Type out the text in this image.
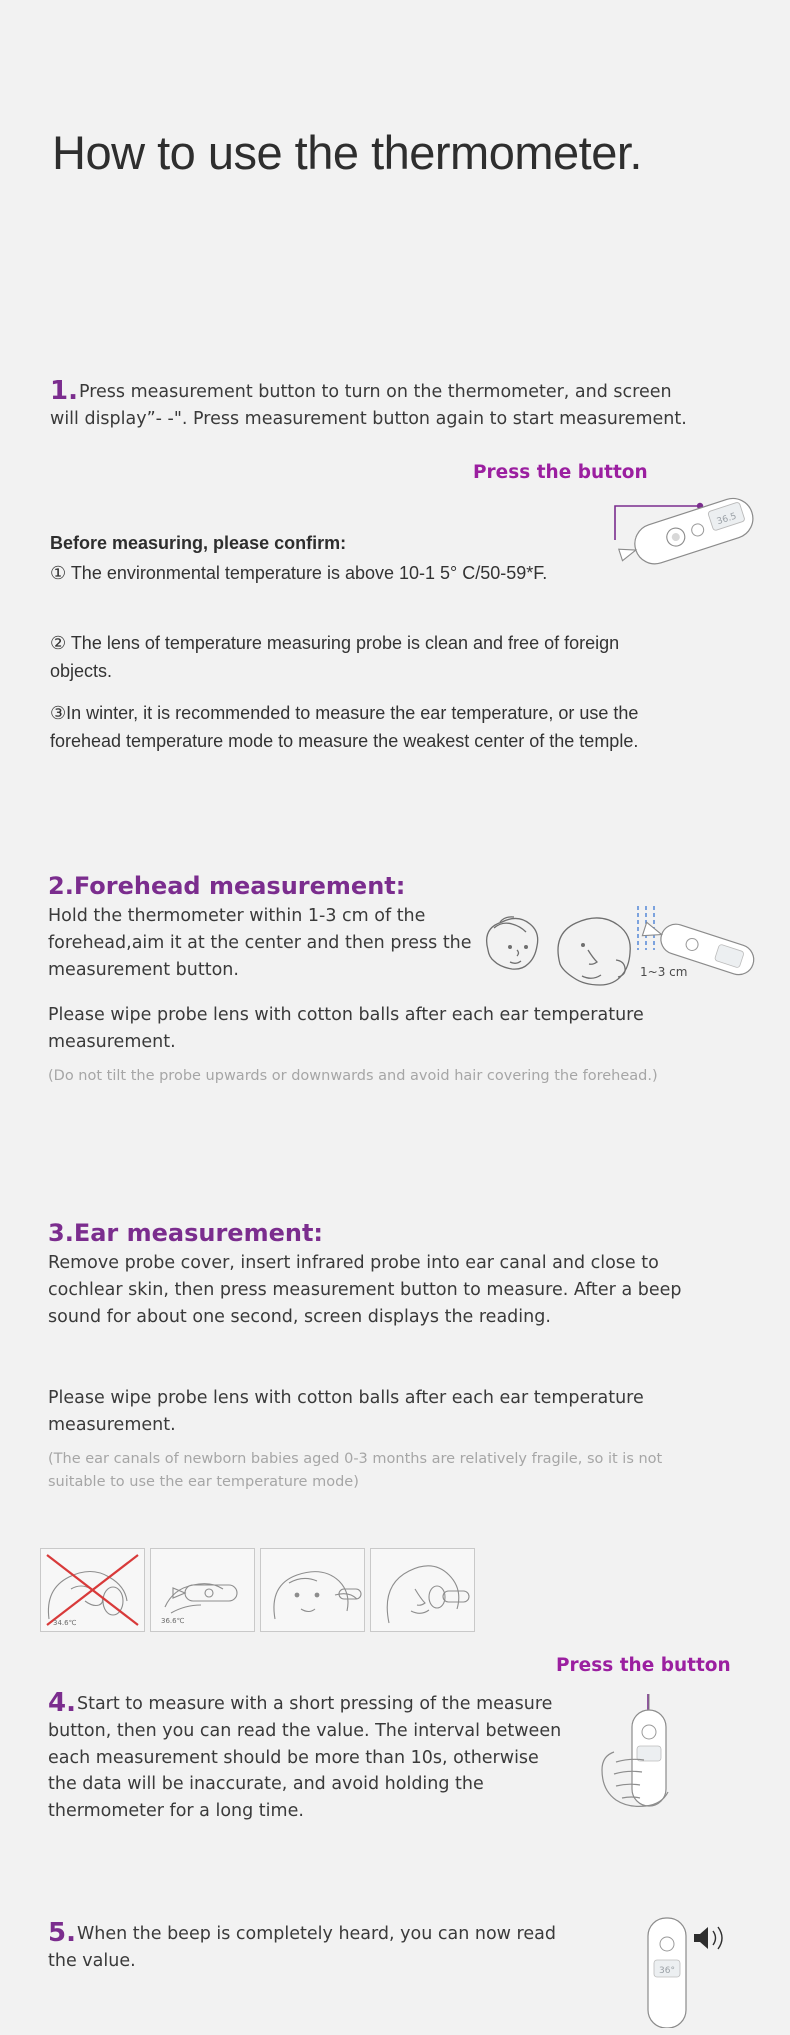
How to use the thermometer.
1.Press measurement button to turn on the thermometer, and screen will display”- -". Press measurement button again to start measurement.
Press the button
36.5
Before measuring, please confirm:
① The environmental temperature is above 10-1 5° C/50-59*F.
② The lens of temperature measuring probe is clean and free of foreign objects.
③In winter, it is recommended to measure the ear temperature, or use the forehead temperature mode to measure the weakest center of the temple.
2.Forehead measurement:
Hold the thermometer within 1-3 cm of the forehead,aim it at the center and then press the measurement button.
Please wipe probe lens with cotton balls after each ear temperature measurement.
(Do not tilt the probe upwards or downwards and avoid hair covering the forehead.)
1~3 cm
3.Ear measurement:
Remove probe cover, insert infrared probe into ear canal and close to cochlear skin, then press measurement button to measure. After a beep sound for about one second, screen displays the reading.
Please wipe probe lens with cotton balls after each ear temperature measurement.
(The ear canals of newborn babies aged 0-3 months are relatively fragile, so it is not suitable to use the ear temperature mode)
34.6℃	36.6℃
Press the button
4.Start to measure with a short pressing of the measure button, then you can read the value. The interval between each measurement should be more than 10s, otherwise the data will be inaccurate, and avoid holding the thermometer for a long time.
5.When the beep is completely heard, you can now read the value.
36°
